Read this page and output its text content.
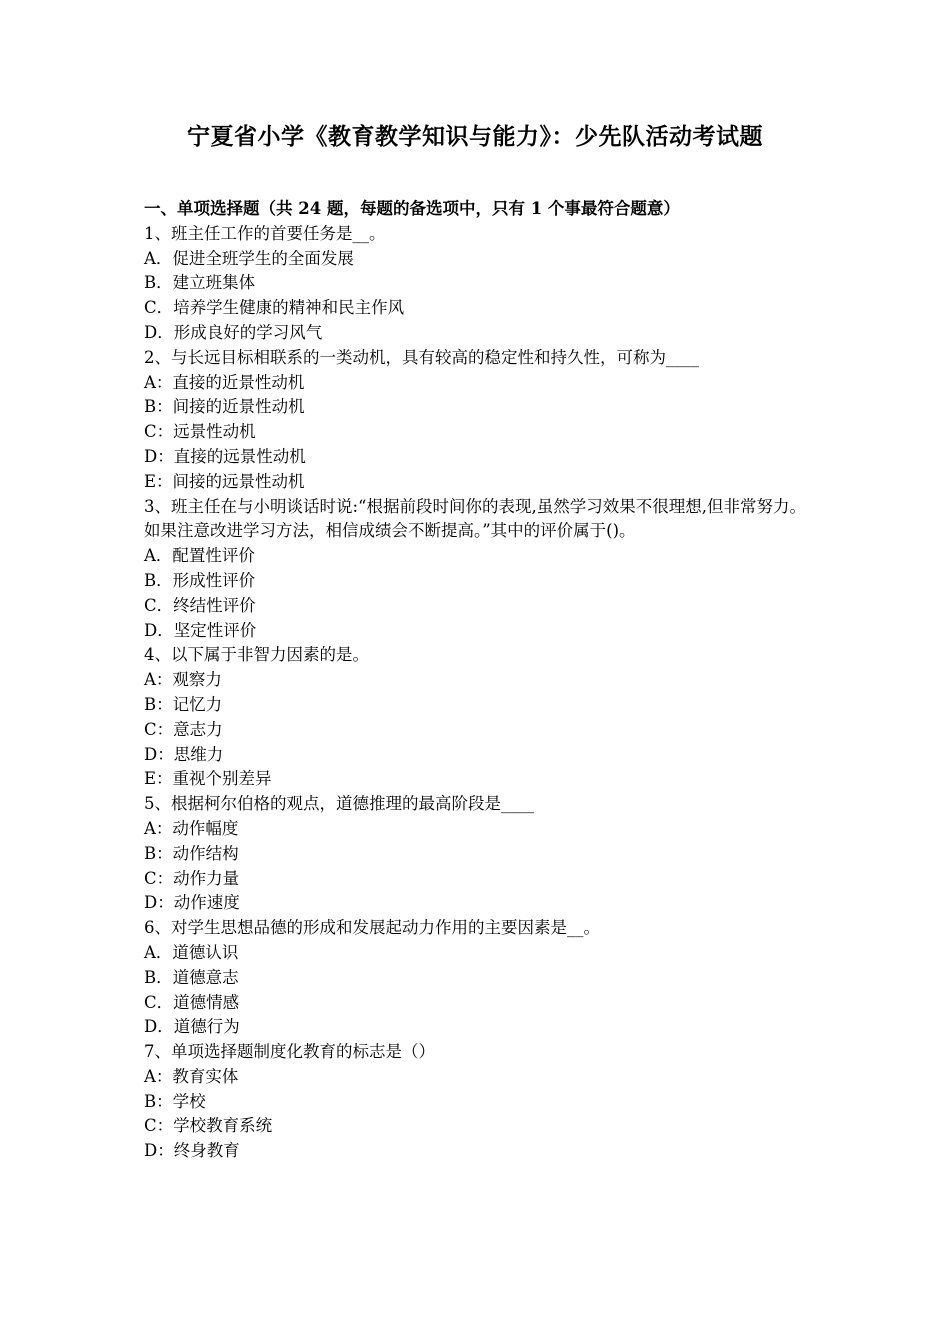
宁夏省小学《教育教学知识与能力》：少先队活动考试题
一、单项选择题（共 24 题，每题的备选项中，只有 1 个事最符合题意）
1、班主任工作的首要任务是__。
A．促进全班学生的全面发展
B．建立班集体
C．培养学生健康的精神和民主作风
D．形成良好的学习风气
2、与长远目标相联系的一类动机，具有较高的稳定性和持久性，可称为____
A：直接的近景性动机
B：间接的近景性动机
C：远景性动机
D：直接的远景性动机
E：间接的远景性动机
3、班主任在与小明谈话时说:“根据前段时间你的表现,虽然学习效果不很理想,但非常努力。如果注意改进学习方法，相信成绩会不断提高。”其中的评价属于()。
A．配置性评价
B．形成性评价
C．终结性评价
D．坚定性评价
4、以下属于非智力因素的是。
A：观察力
B：记忆力
C：意志力
D：思维力
E：重视个别差异
5、根据柯尔伯格的观点，道德推理的最高阶段是____
A：动作幅度
B：动作结构
C：动作力量
D：动作速度
6、对学生思想品德的形成和发展起动力作用的主要因素是__。
A．道德认识
B．道德意志
C．道德情感
D．道德行为
7、单项选择题制度化教育的标志是（）
A：教育实体
B：学校
C：学校教育系统
D：终身教育
